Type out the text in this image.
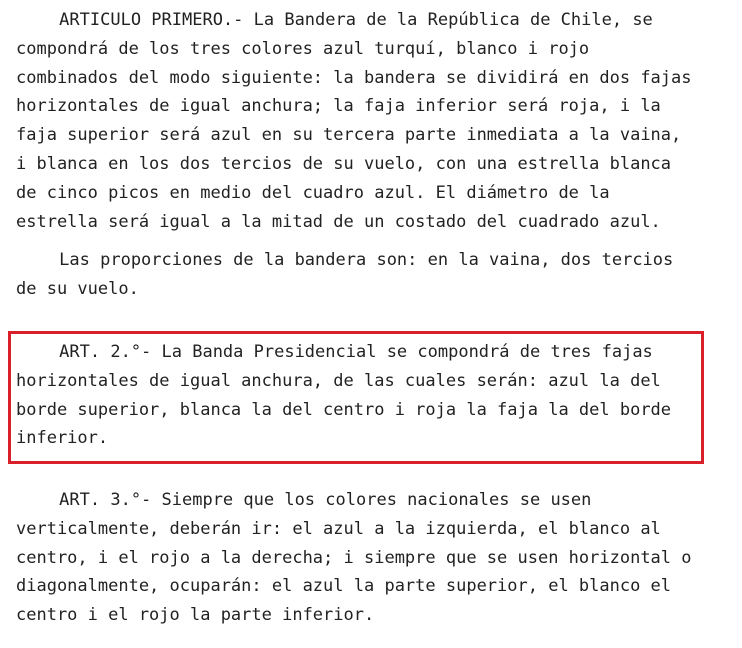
ARTICULO PRIMERO.- La Bandera de la República de Chile, se
compondrá de los tres colores azul turquí, blanco i rojo
combinados del modo siguiente: la bandera se dividirá en dos fajas
horizontales de igual anchura; la faja inferior será roja, i la
faja superior será azul en su tercera parte inmediata a la vaina,
i blanca en los dos tercios de su vuelo, con una estrella blanca
de cinco picos en medio del cuadro azul. El diámetro de la
estrella será igual a la mitad de un costado del cuadrado azul.

Las proporciones de la bandera son: en la vaina, dos tercios
de su vuelo.

ART. 2.°- La Banda Presidencial se compondrá de tres fajas
horizontales de igual anchura, de las cuales serán: azul la del
borde superior, blanca la del centro i roja la faja la del borde
inferior.

ART. 3.°- Siempre que los colores nacionales se usen
verticalmente, deberán ir: el azul a la izquierda, el blanco al
centro, i el rojo a la derecha; i siempre que se usen horizontal o
diagonalmente, ocuparán: el azul la parte superior, el blanco el
centro i el rojo la parte inferior.
